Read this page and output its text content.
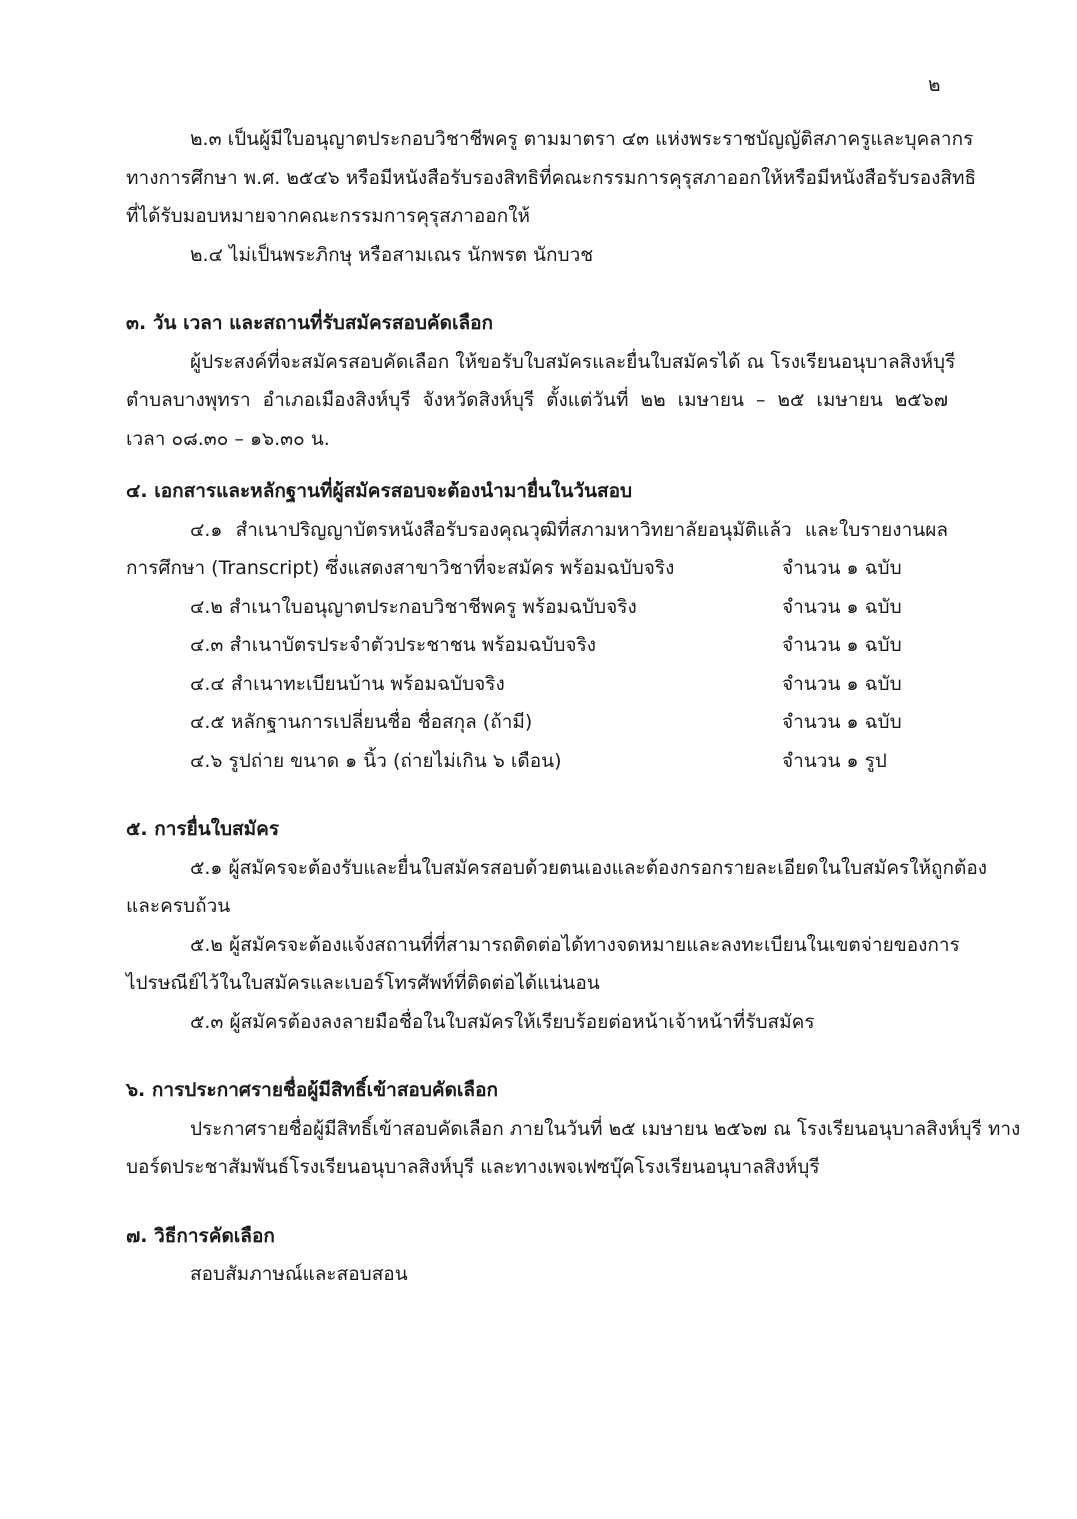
๒
๒.๓ เป็นผู้มีใบอนุญาตประกอบวิชาชีพครู ตามมาตรา ๔๓ แห่งพระราชบัญญัติสภาครูและบุคลากร
ทางการศึกษา พ.ศ. ๒๕๔๖ หรือมีหนังสือรับรองสิทธิที่คณะกรรมการคุรุสภาออกให้หรือมีหนังสือรับรองสิทธิ
ที่ได้รับมอบหมายจากคณะกรรมการคุรุสภาออกให้
๒.๔ ไม่เป็นพระภิกษุ หรือสามเณร นักพรต นักบวช
๓. วัน เวลา และสถานที่รับสมัครสอบคัดเลือก
ผู้ประสงค์ที่จะสมัครสอบคัดเลือก ให้ขอรับใบสมัครและยื่นใบสมัครได้ ณ โรงเรียนอนุบาลสิงห์บุรี
ตำบลบางพุทรา อำเภอเมืองสิงห์บุรี จังหวัดสิงห์บุรี ตั้งแต่วันที่ ๒๒ เมษายน – ๒๕ เมษายน ๒๕๖๗
เวลา ๐๘.๓๐ – ๑๖.๓๐ น.
๔. เอกสารและหลักฐานที่ผู้สมัครสอบจะต้องนำมายื่นในวันสอบ
๔.๑ สำเนาปริญญาบัตรหนังสือรับรองคุณวุฒิที่สภามหาวิทยาลัยอนุมัติแล้ว และใบรายงานผล
การศึกษา (Transcript) ซึ่งแสดงสาขาวิชาที่จะสมัคร พร้อมฉบับจริง	จำนวน ๑ ฉบับ
๔.๒ สำเนาใบอนุญาตประกอบวิชาชีพครู พร้อมฉบับจริง	จำนวน ๑ ฉบับ
๔.๓ สำเนาบัตรประจำตัวประชาชน พร้อมฉบับจริง	จำนวน ๑ ฉบับ
๔.๔ สำเนาทะเบียนบ้าน พร้อมฉบับจริง	จำนวน ๑ ฉบับ
๔.๕ หลักฐานการเปลี่ยนชื่อ ชื่อสกุล (ถ้ามี)	จำนวน ๑ ฉบับ
๔.๖ รูปถ่าย ขนาด ๑ นิ้ว (ถ่ายไม่เกิน ๖ เดือน)	จำนวน ๑ รูป
๕. การยื่นใบสมัคร
๕.๑ ผู้สมัครจะต้องรับและยื่นใบสมัครสอบด้วยตนเองและต้องกรอกรายละเอียดในใบสมัครให้ถูกต้อง
และครบถ้วน
๕.๒ ผู้สมัครจะต้องแจ้งสถานที่ที่สามารถติดต่อได้ทางจดหมายและลงทะเบียนในเขตจ่ายของการ
ไปรษณีย์ไว้ในใบสมัครและเบอร์โทรศัพท์ที่ติดต่อได้แน่นอน
๕.๓ ผู้สมัครต้องลงลายมือชื่อในใบสมัครให้เรียบร้อยต่อหน้าเจ้าหน้าที่รับสมัคร
๖. การประกาศรายชื่อผู้มีสิทธิ์เข้าสอบคัดเลือก
ประกาศรายชื่อผู้มีสิทธิ์เข้าสอบคัดเลือก ภายในวันที่ ๒๕ เมษายน ๒๕๖๗ ณ โรงเรียนอนุบาลสิงห์บุรี ทาง
บอร์ดประชาสัมพันธ์โรงเรียนอนุบาลสิงห์บุรี และทางเพจเฟซบุ๊คโรงเรียนอนุบาลสิงห์บุรี
๗. วิธีการคัดเลือก
สอบสัมภาษณ์และสอบสอน
